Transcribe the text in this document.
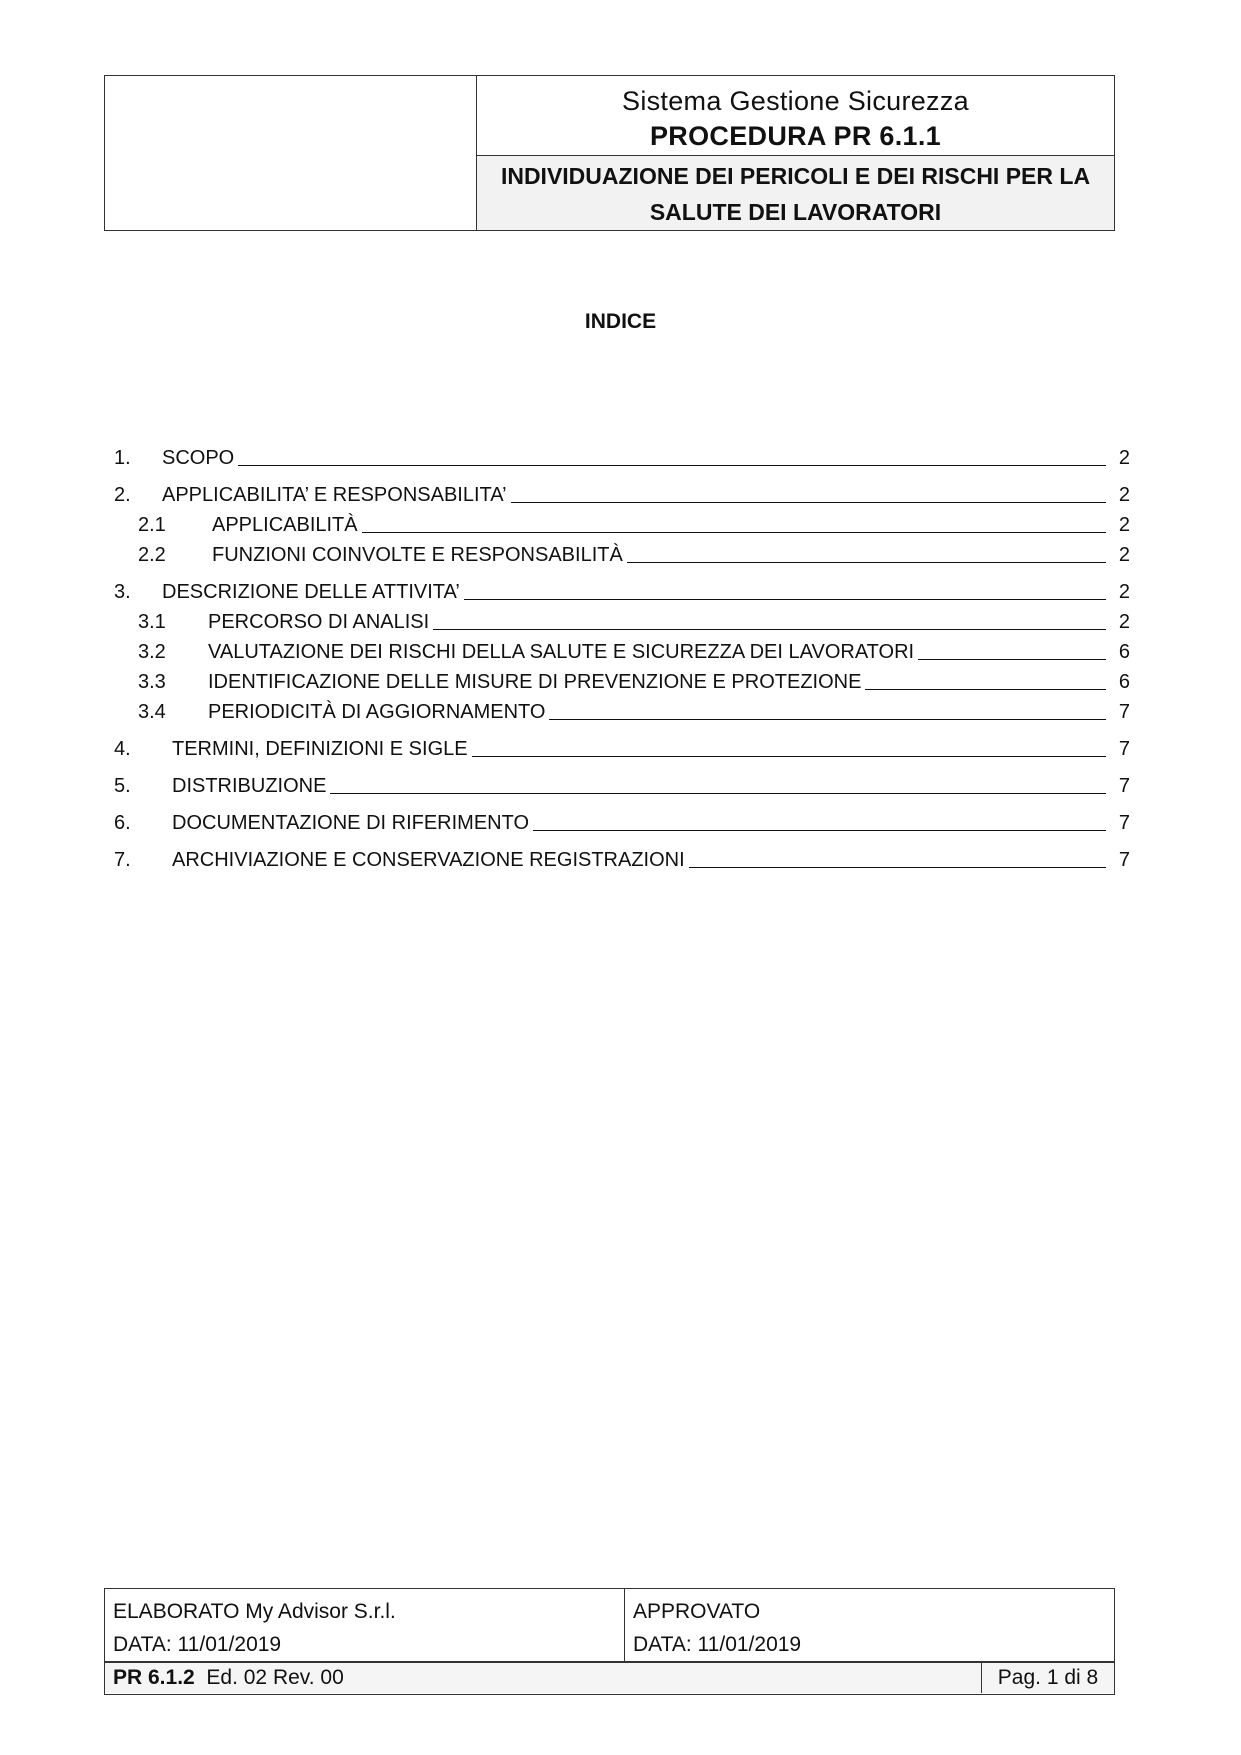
Sistema Gestione Sicurezza
PROCEDURA PR 6.1.1
INDIVIDUAZIONE DEI PERICOLI E DEI RISCHI PER LA
SALUTE DEI LAVORATORI
INDICE
1.	SCOPO	2
2.	APPLICABILITA’ E RESPONSABILITA’	2
2.1	APPLICABILITÀ	2
2.2	FUNZIONI COINVOLTE E RESPONSABILITÀ	2
3.	DESCRIZIONE DELLE ATTIVITA’	2
3.1	PERCORSO DI ANALISI	2
3.2	VALUTAZIONE DEI RISCHI DELLA SALUTE E SICUREZZA DEI LAVORATORI	6
3.3	IDENTIFICAZIONE DELLE MISURE DI PREVENZIONE E PROTEZIONE	6
3.4	PERIODICITÀ DI AGGIORNAMENTO	7
4.	TERMINI, DEFINIZIONI E SIGLE	7
5.	DISTRIBUZIONE	7
6.	DOCUMENTAZIONE DI RIFERIMENTO	7
7.	ARCHIVIAZIONE E CONSERVAZIONE REGISTRAZIONI	7
ELABORATO My Advisor S.r.l.
DATA: 11/01/2019
APPROVATO
DATA: 11/01/2019
PR 6.1.2 Ed. 02 Rev. 00	Pag. 1 di 8
